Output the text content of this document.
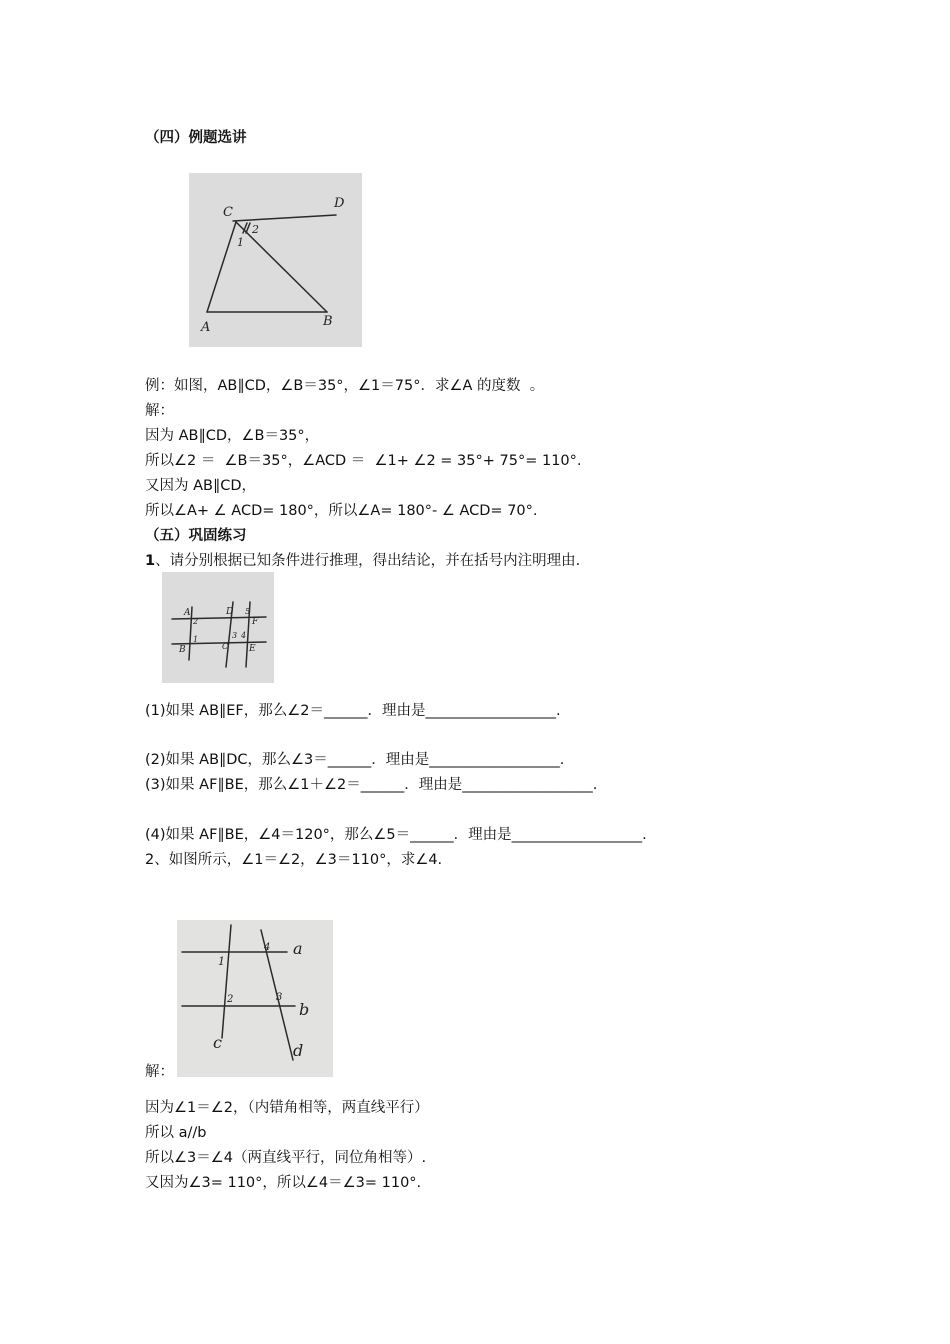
（四）例题选讲
C
D
A	B
2
1
例：如图，AB∥CD，∠B＝35°，∠1＝75°．求∠A 的度数  。
解：
因为 AB∥CD，∠B＝35°，
所以∠2 ＝  ∠B＝35°，∠ACD ＝  ∠1+ ∠2 = 35°+ 75°= 110°.
又因为 AB∥CD，
所以∠A+ ∠ ACD= 180°，所以∠A= 180°- ∠ ACD= 70°.
（五）巩固练习
1、请分别根据已知条件进行推理，得出结论，并在括号内注明理由.
A	D
F
B	C E
2
1	3 4
5
(1)如果 AB∥EF，那么∠2＝______．理由是__________________.
(2)如果 AB∥DC，那么∠3＝______．理由是__________________.
(3)如果 AF∥BE，那么∠1＋∠2＝______．理由是__________________.
(4)如果 AF∥BE，∠4＝120°，那么∠5＝______．理由是__________________.
2、如图所示，∠1＝∠2，∠3＝110°，求∠4.
a
b
c	d
1
2	3
4
解：
因为∠1＝∠2，（内错角相等，两直线平行）
所以 a//b
所以∠3＝∠4（两直线平行，同位角相等）.
又因为∠3= 110°，所以∠4＝∠3= 110°.
